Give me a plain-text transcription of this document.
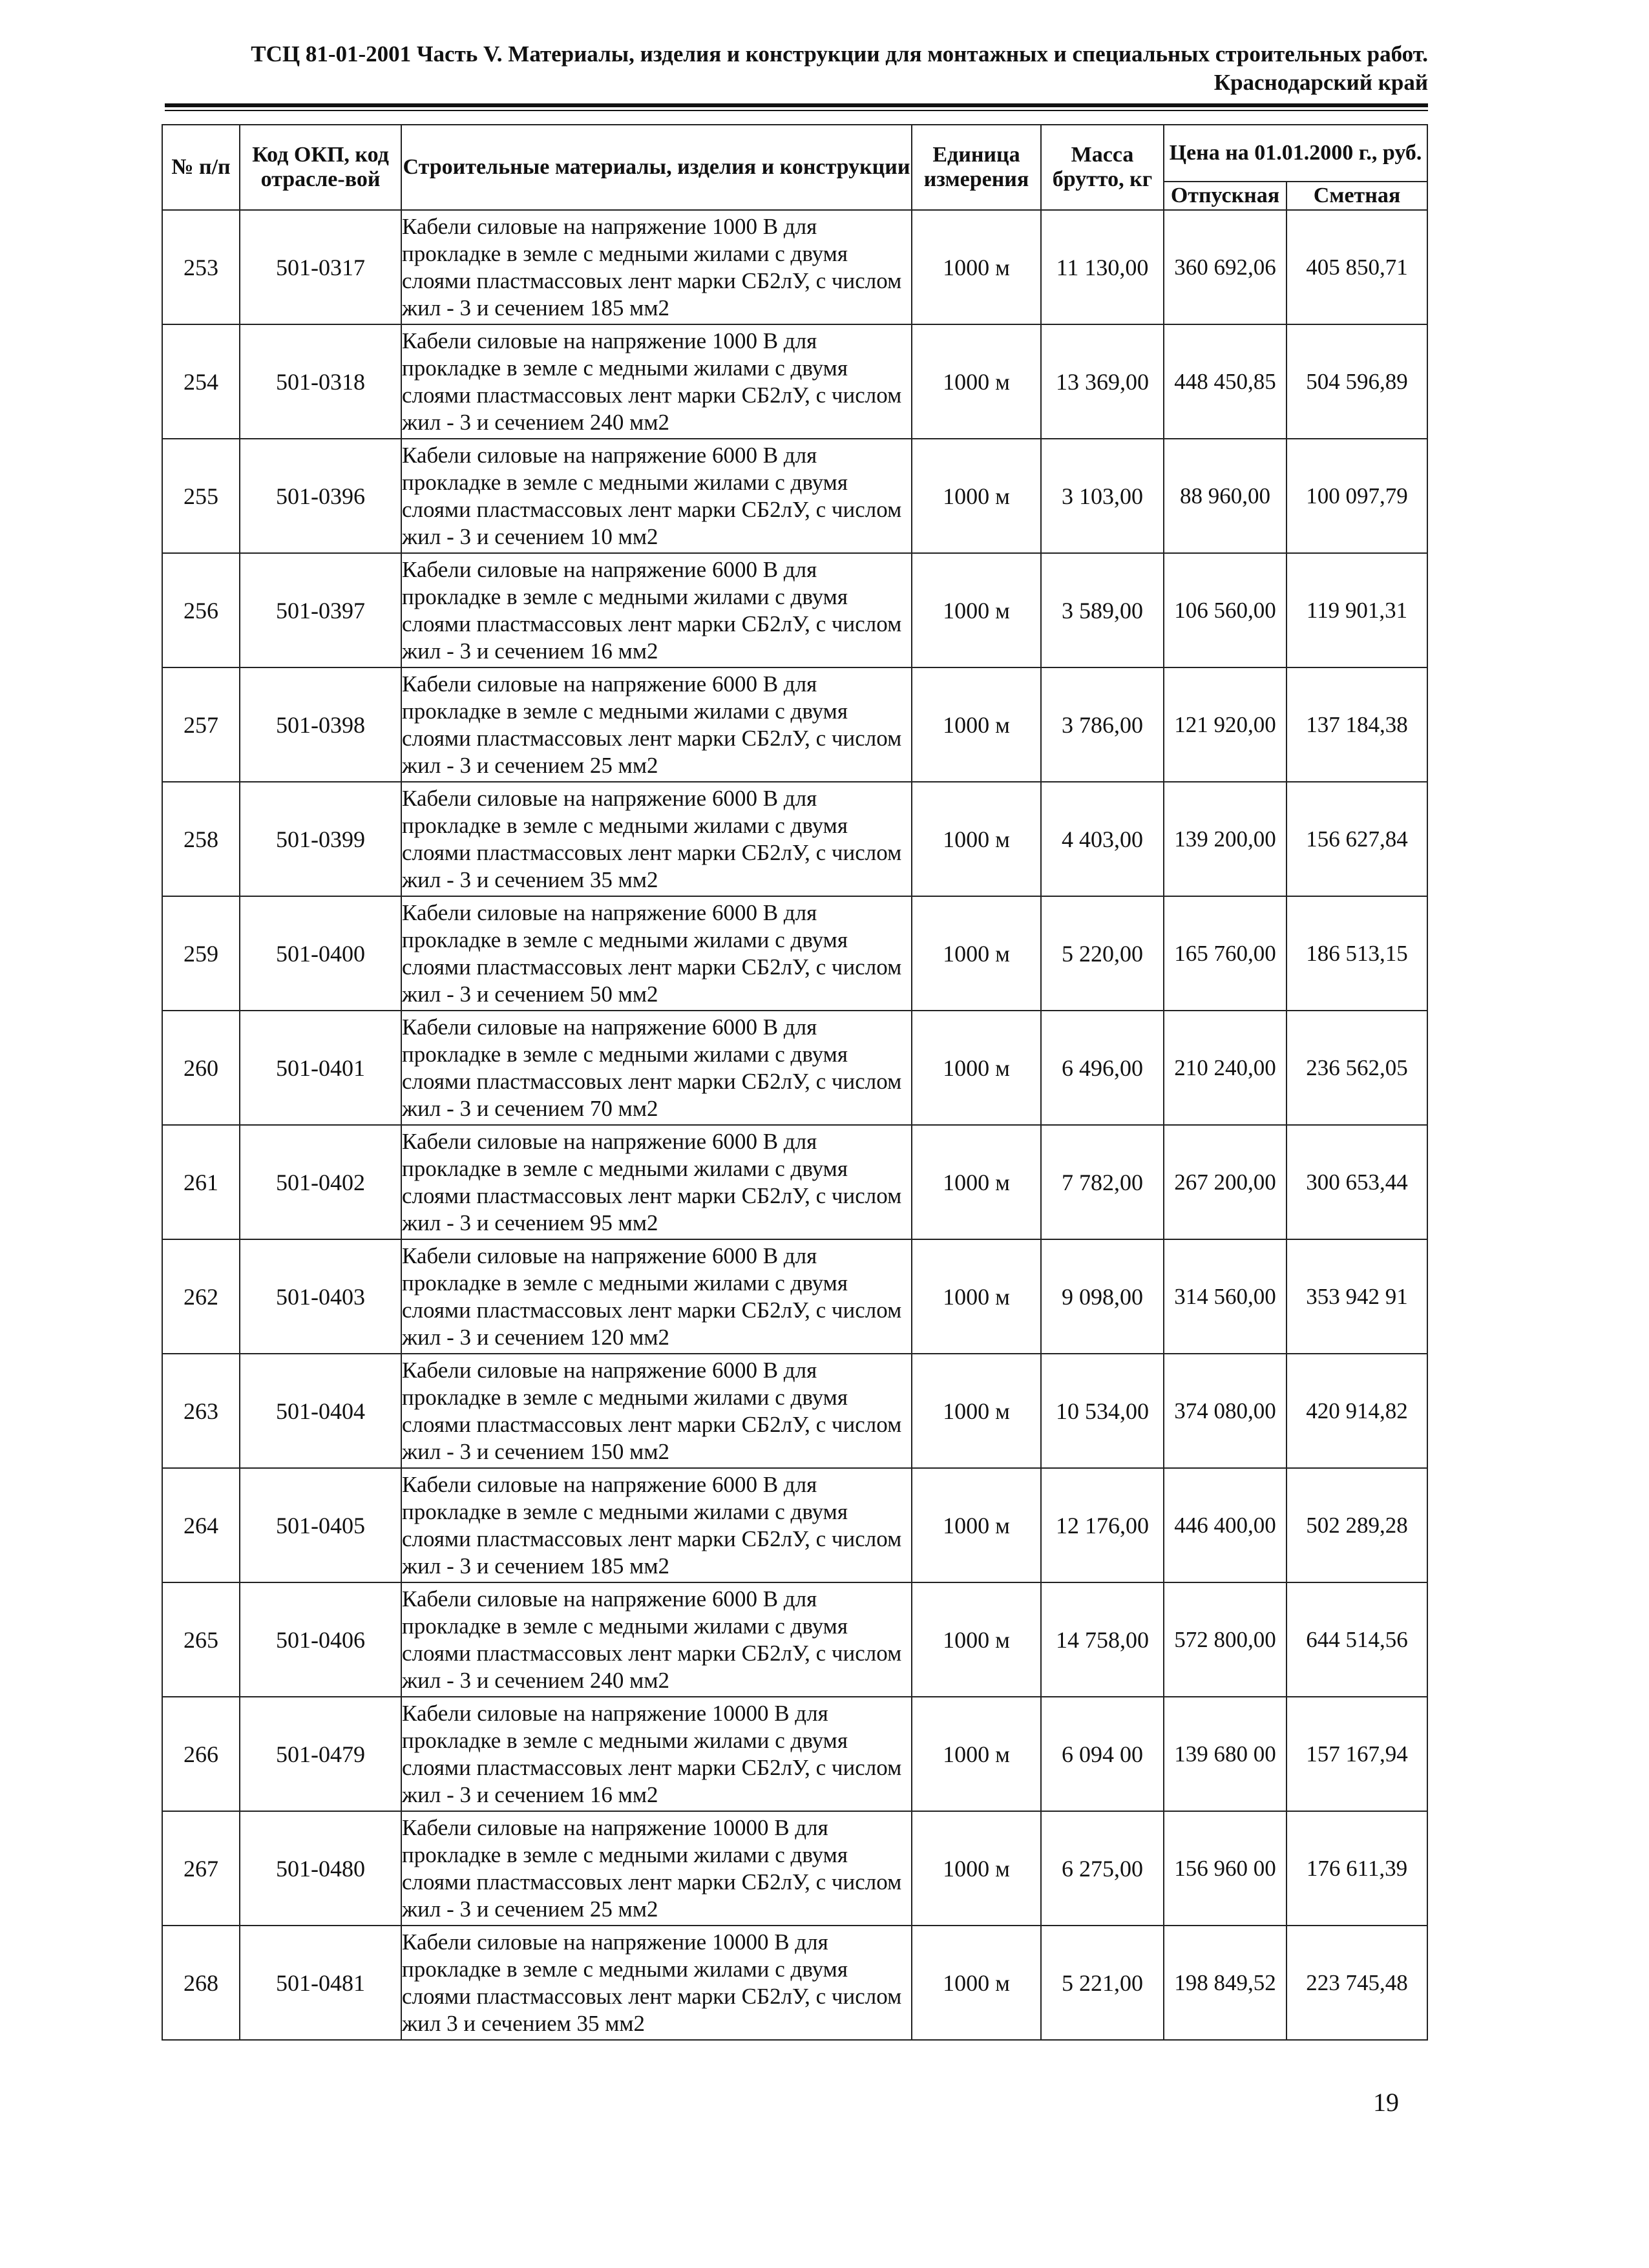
ТСЦ 81-01-2001 Часть V. Материалы, изделия и конструкции для монтажных и специальных строительных работ.
Краснодарский край
№ п/п	Код ОКП, код отрасле-вой	Строительные материалы, изделия и конструкции	Единица измерения	Масса брутто, кг	Цена на 01.01.2000 г., руб.	
					Отпускная	Сметная
253	501-0317	Кабели силовые на напряжение 1000 В для прокладке в земле с медными жилами с двумя слоями пластмассовых лент марки СБ2лУ, с числом жил - 3 и сечением 185 мм2	1000 м	11 130,00	360 692,06	405 850,71
254	501-0318	Кабели силовые на напряжение 1000 В для прокладке в земле с медными жилами с двумя слоями пластмассовых лент марки СБ2лУ, с числом жил - 3 и сечением 240 мм2	1000 м	13 369,00	448 450,85	504 596,89
255	501-0396	Кабели силовые на напряжение 6000 В для прокладке в земле с медными жилами с двумя слоями пластмассовых лент марки СБ2лУ, с числом жил - 3 и сечением 10 мм2	1000 м	3 103,00	88 960,00	100 097,79
256	501-0397	Кабели силовые на напряжение 6000 В для прокладке в земле с медными жилами с двумя слоями пластмассовых лент марки СБ2лУ, с числом жил - 3 и сечением 16 мм2	1000 м	3 589,00	106 560,00	119 901,31
257	501-0398	Кабели силовые на напряжение 6000 В для прокладке в земле с медными жилами с двумя слоями пластмассовых лент марки СБ2лУ, с числом жил - 3 и сечением 25 мм2	1000 м	3 786,00	121 920,00	137 184,38
258	501-0399	Кабели силовые на напряжение 6000 В для прокладке в земле с медными жилами с двумя слоями пластмассовых лент марки СБ2лУ, с числом жил - 3 и сечением 35 мм2	1000 м	4 403,00	139 200,00	156 627,84
259	501-0400	Кабели силовые на напряжение 6000 В для прокладке в земле с медными жилами с двумя слоями пластмассовых лент марки СБ2лУ, с числом жил - 3 и сечением 50 мм2	1000 м	5 220,00	165 760,00	186 513,15
260	501-0401	Кабели силовые на напряжение 6000 В для прокладке в земле с медными жилами с двумя слоями пластмассовых лент марки СБ2лУ, с числом жил - 3 и сечением 70 мм2	1000 м	6 496,00	210 240,00	236 562,05
261	501-0402	Кабели силовые на напряжение 6000 В для прокладке в земле с медными жилами с двумя слоями пластмассовых лент марки СБ2лУ, с числом жил - 3 и сечением 95 мм2	1000 м	7 782,00	267 200,00	300 653,44
262	501-0403	Кабели силовые на напряжение 6000 В для прокладке в земле с медными жилами с двумя слоями пластмассовых лент марки СБ2лУ, с числом жил - 3 и сечением 120 мм2	1000 м	9 098,00	314 560,00	353 942 91
263	501-0404	Кабели силовые на напряжение 6000 В для прокладке в земле с медными жилами с двумя слоями пластмассовых лент марки СБ2лУ, с числом жил - 3 и сечением 150 мм2	1000 м	10 534,00	374 080,00	420 914,82
264	501-0405	Кабели силовые на напряжение 6000 В для прокладке в земле с медными жилами с двумя слоями пластмассовых лент марки СБ2лУ, с числом жил - 3 и сечением 185 мм2	1000 м	12 176,00	446 400,00	502 289,28
265	501-0406	Кабели силовые на напряжение 6000 В для прокладке в земле с медными жилами с двумя слоями пластмассовых лент марки СБ2лУ, с числом жил - 3 и сечением 240 мм2	1000 м	14 758,00	572 800,00	644 514,56
266	501-0479	Кабели силовые на напряжение 10000 В для прокладке в земле с медными жилами с двумя слоями пластмассовых лент марки СБ2лУ, с числом жил - 3 и сечением 16 мм2	1000 м	6 094 00	139 680 00	157 167,94
267	501-0480	Кабели силовые на напряжение 10000 В для прокладке в земле с медными жилами с двумя слоями пластмассовых лент марки СБ2лУ, с числом жил - 3 и сечением 25 мм2	1000 м	6 275,00	156 960 00	176 611,39
268	501-0481	Кабели силовые на напряжение 10000 В для прокладке в земле с медными жилами с двумя слоями пластмассовых лент марки СБ2лУ, с числом жил 3 и сечением 35 мм2	1000 м	5 221,00	198 849,52	223 745,48
19
